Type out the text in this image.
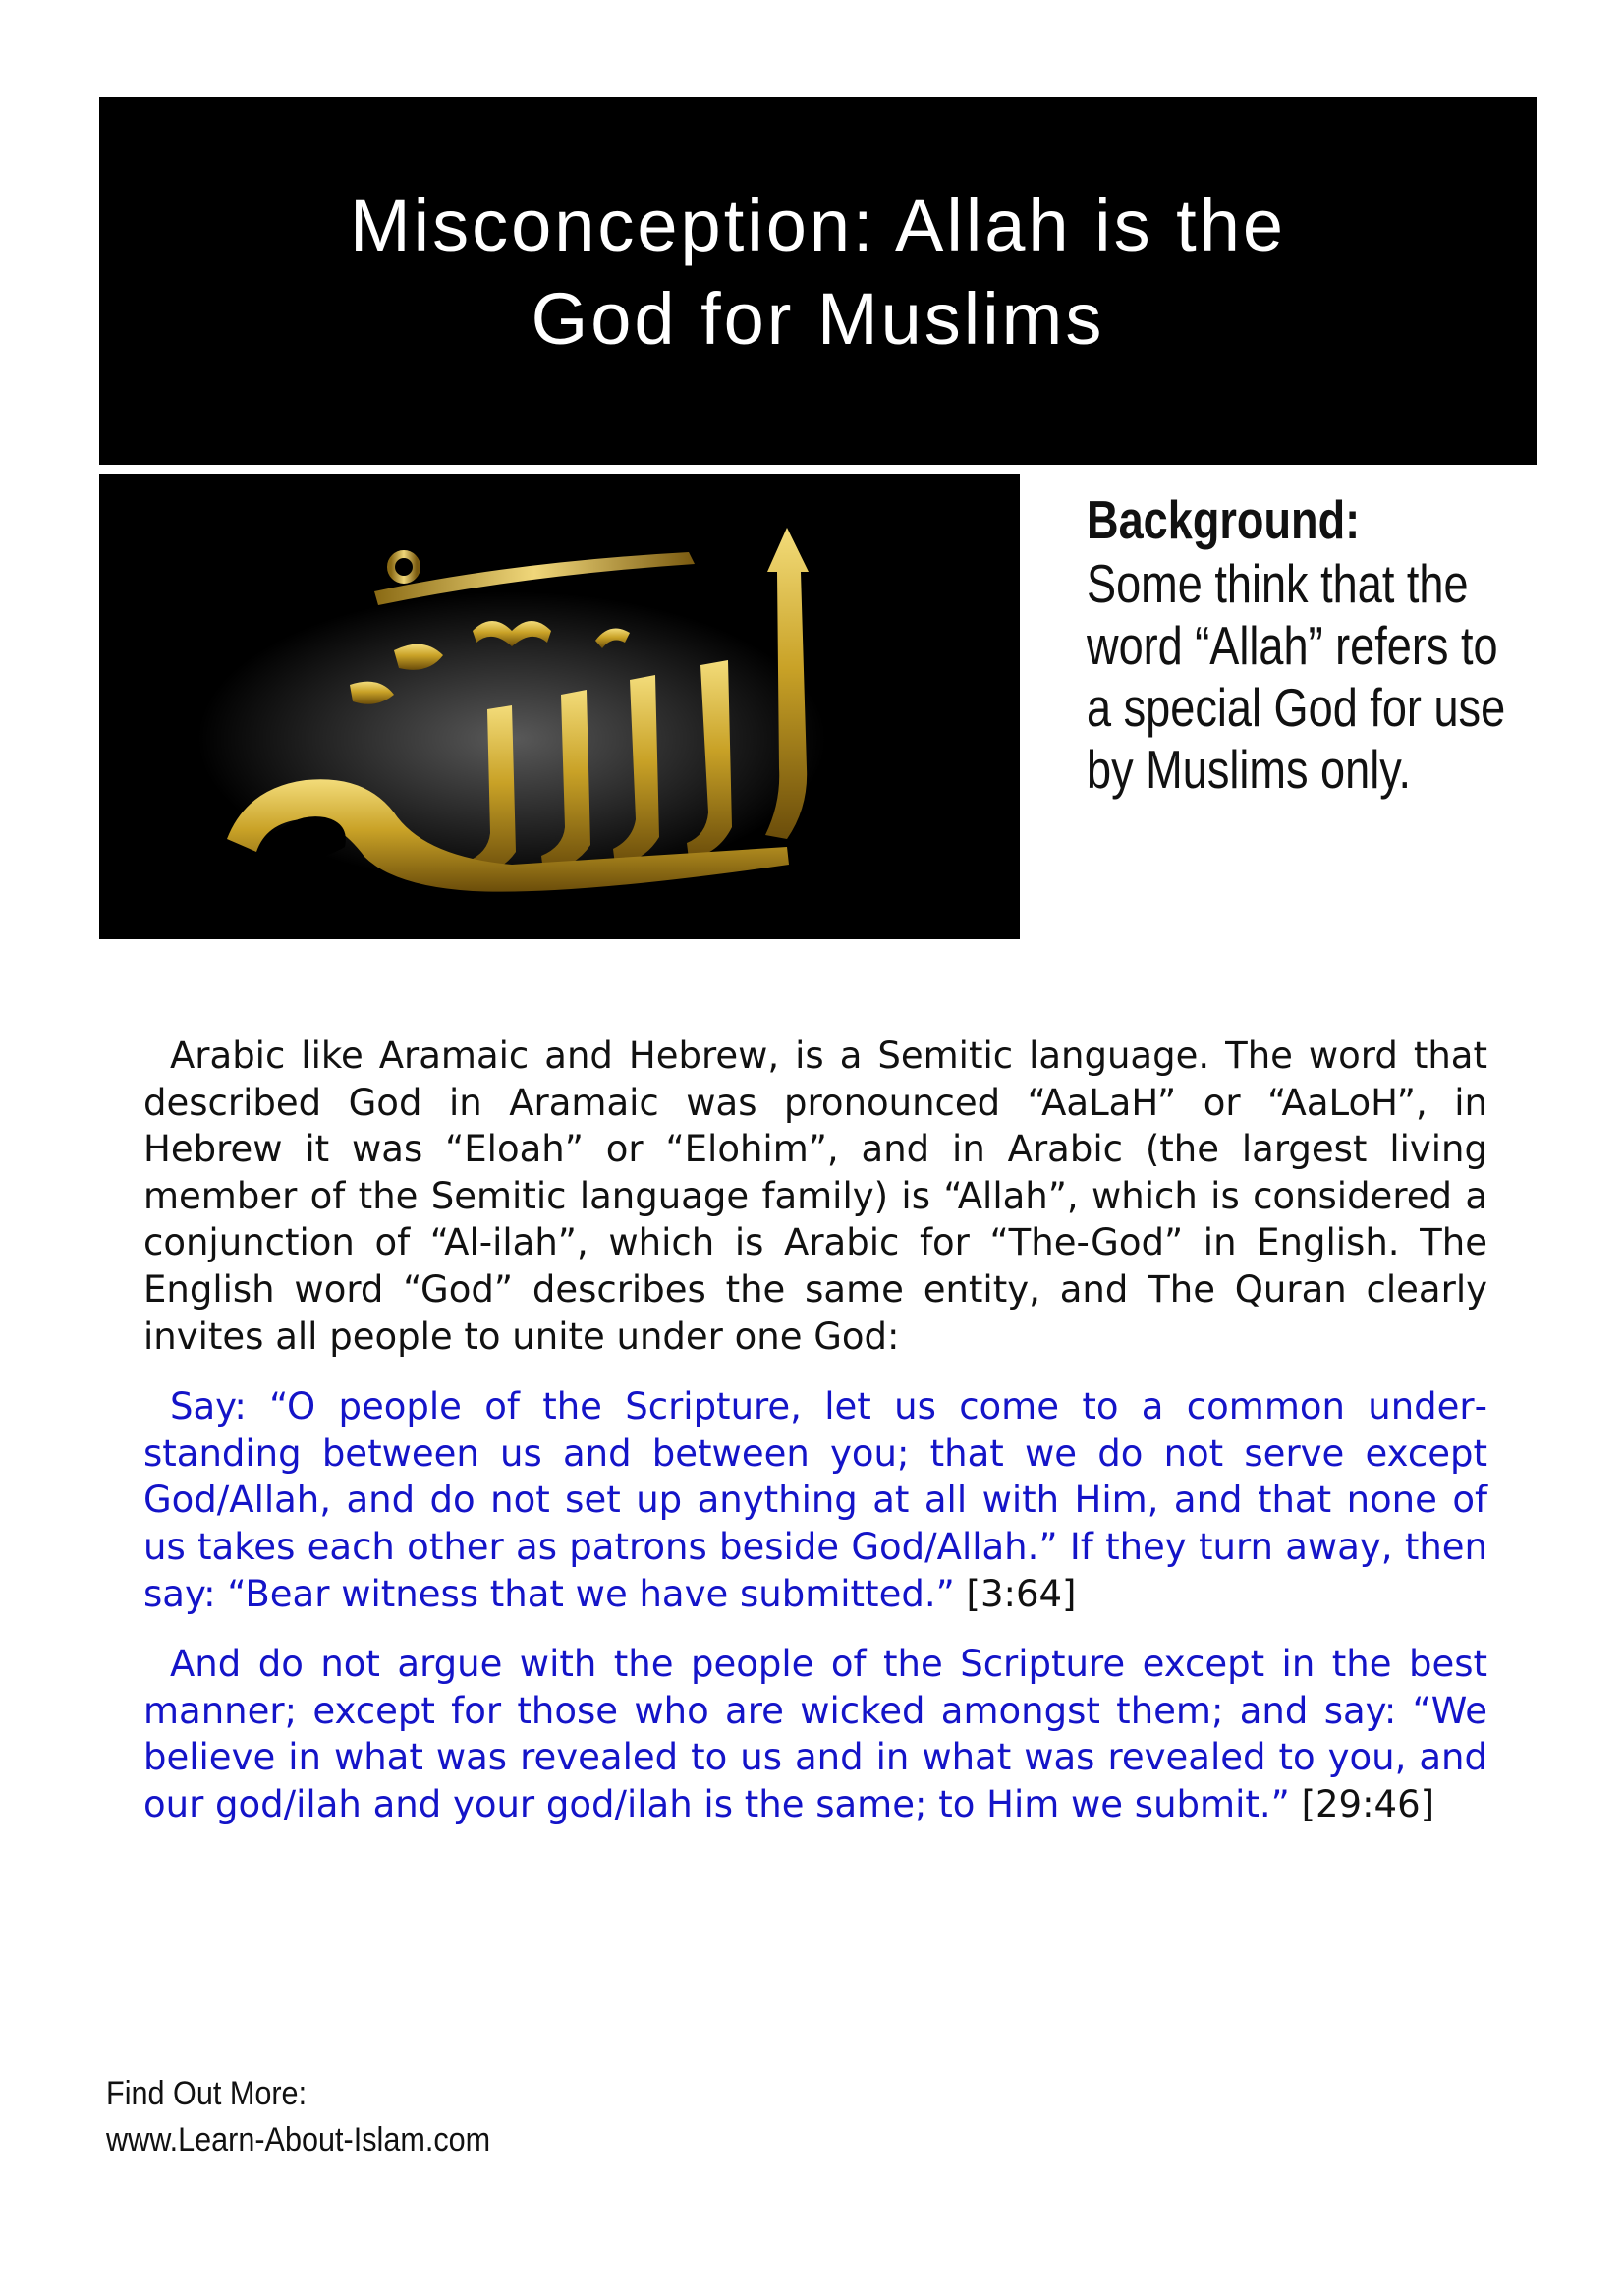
Misconception: Allah is the
God for Muslims
Background:
Some think that the word “Allah” refers to a special God for use by Muslims only.

Arabic like Aramaic and Hebrew, is a Semitic language. The word that described God in Aramaic was pronounced “AaLaH” or “AaLoH”, in Hebrew it was “Eloah” or “Elohim”, and in Arabic (the largest living member of the Semitic language family) is “Allah”, which is considered a conjunction of “Al-ilah”, which is Arabic for “The-God” in English. The English word “God” describes the same entity, and The Quran clearly invites all people to unite under one God:

Say: “O people of the Scripture, let us come to a common understanding between us and between you; that we do not serve except God/Allah, and do not set up anything at all with Him, and that none of us takes each other as patrons beside God/Allah.” If they turn away, then say: “Bear witness that we have submitted.” [3:64]

And do not argue with the people of the Scripture except in the best manner; except for those who are wicked amongst them; and say: “We believe in what was revealed to us and in what was revealed to you, and our god/ilah and your god/ilah is the same; to Him we submit.” [29:46]

Find Out More:
www.Learn-About-Islam.com
